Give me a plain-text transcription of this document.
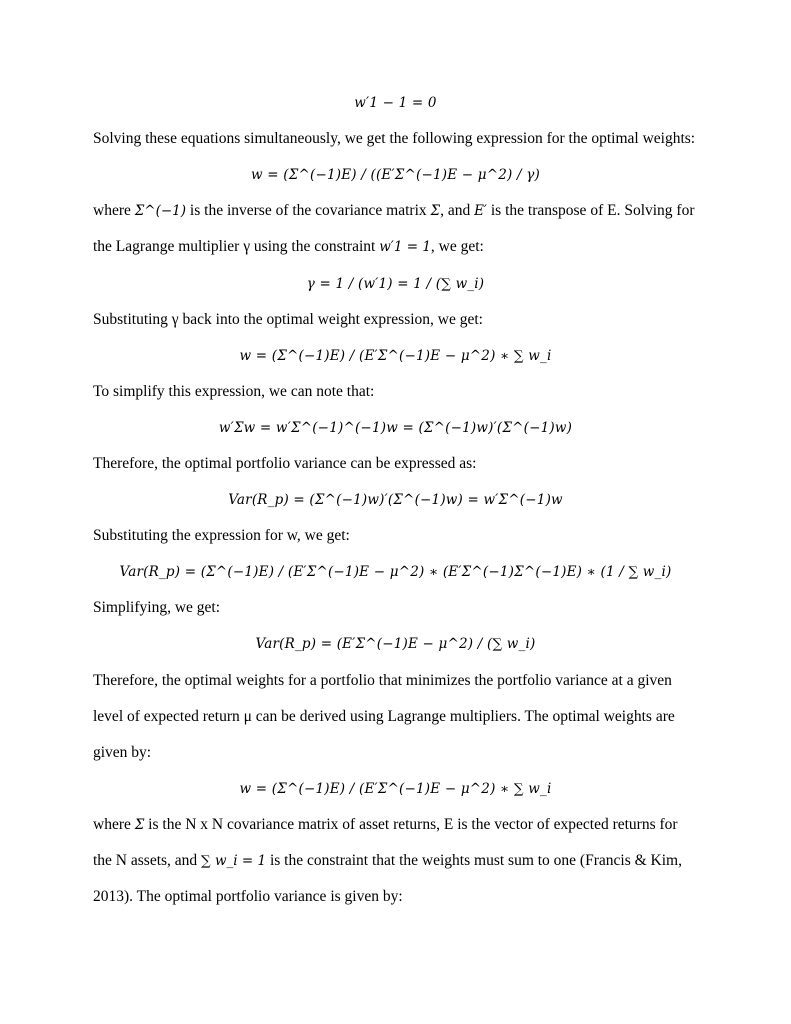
w′1 − 1 = 0
Solving these equations simultaneously, we get the following expression for the optimal weights:
w = (Σ^(−1)E) / ((E′Σ^(−1)E − μ^2) / γ)
where Σ^(−1) is the inverse of the covariance matrix Σ, and E′ is the transpose of E. Solving for
the Lagrange multiplier γ using the constraint w′1 = 1, we get:
γ = 1 / (w′1) = 1 / (∑ w_i)
Substituting γ back into the optimal weight expression, we get:
w = (Σ^(−1)E) / (E′Σ^(−1)E − μ^2) ∗ ∑ w_i
To simplify this expression, we can note that:
w′Σw = w′Σ^(−1)^(−1)w = (Σ^(−1)w)′(Σ^(−1)w)
Therefore, the optimal portfolio variance can be expressed as:
Var(R_p) = (Σ^(−1)w)′(Σ^(−1)w) = w′Σ^(−1)w
Substituting the expression for w, we get:
Var(R_p) = (Σ^(−1)E) / (E′Σ^(−1)E − μ^2) ∗ (E′Σ^(−1)Σ^(−1)E) ∗ (1 / ∑ w_i)
Simplifying, we get:
Var(R_p) = (E′Σ^(−1)E − μ^2) / (∑ w_i)
Therefore, the optimal weights for a portfolio that minimizes the portfolio variance at a given
level of expected return μ can be derived using Lagrange multipliers. The optimal weights are
given by:
w = (Σ^(−1)E) / (E′Σ^(−1)E − μ^2) ∗ ∑ w_i
where Σ is the N x N covariance matrix of asset returns, E is the vector of expected returns for
the N assets, and ∑ w_i = 1 is the constraint that the weights must sum to one (Francis & Kim,
2013). The optimal portfolio variance is given by:
